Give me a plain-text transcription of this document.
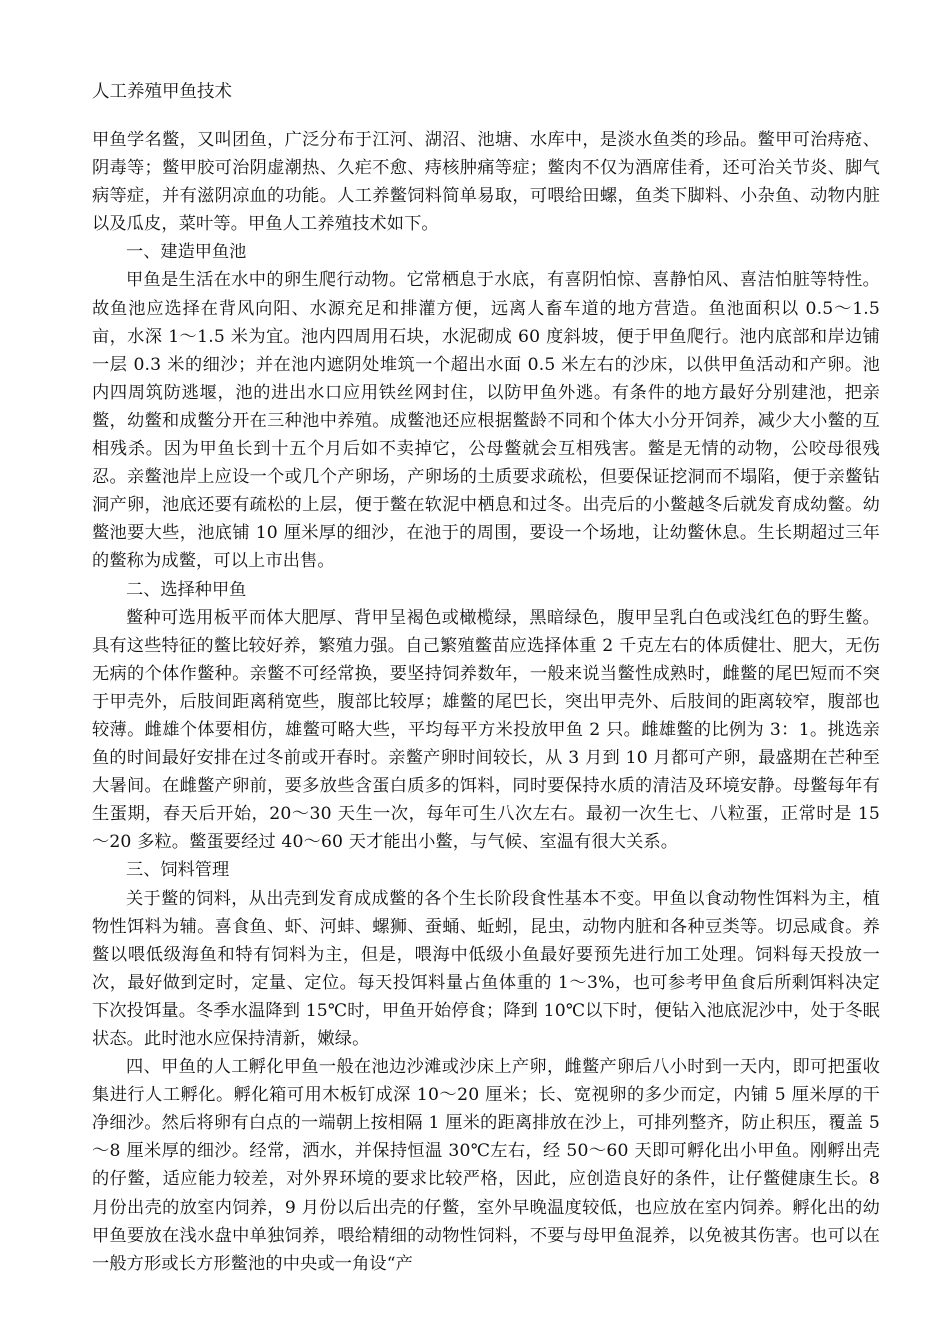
人工养殖甲鱼技术

甲鱼学名鳖，又叫团鱼，广泛分布于江河、湖沼、池塘、水库中，是淡水鱼类的珍品。鳖甲可治痔疮、阴毒等；鳖甲胶可治阴虚潮热、久疟不愈、痔核肿痛等症；鳖肉不仅为酒席佳肴，还可治关节炎、脚气病等症，并有滋阴凉血的功能。人工养鳖饲料简单易取，可喂给田螺，鱼类下脚料、小杂鱼、动物内脏以及瓜皮，菜叶等。甲鱼人工养殖技术如下。

一、建造甲鱼池

甲鱼是生活在水中的卵生爬行动物。它常栖息于水底，有喜阴怕惊、喜静怕风、喜洁怕脏等特性。故鱼池应选择在背风向阳、水源充足和排灌方便，远离人畜车道的地方营造。鱼池面积以 0.5～1.5 亩，水深 1～1.5 米为宜。池内四周用石块，水泥砌成 60 度斜坡，便于甲鱼爬行。池内底部和岸边铺一层 0.3 米的细沙；并在池内遮阴处堆筑一个超出水面 0.5 米左右的沙床，以供甲鱼活动和产卵。池内四周筑防逃堰，池的进出水口应用铁丝网封住，以防甲鱼外逃。有条件的地方最好分别建池，把亲鳖，幼鳖和成鳖分开在三种池中养殖。成鳖池还应根据鳖龄不同和个体大小分开饲养，减少大小鳖的互相残杀。因为甲鱼长到十五个月后如不卖掉它，公母鳖就会互相残害。鳖是无情的动物，公咬母很残忍。亲鳖池岸上应设一个或几个产卵场，产卵场的土质要求疏松，但要保证挖洞而不塌陷，便于亲鳖钻洞产卵，池底还要有疏松的上层，便于鳖在软泥中栖息和过冬。出壳后的小鳖越冬后就发育成幼鳖。幼鳖池要大些，池底铺 10 厘米厚的细沙，在池于的周围，要设一个场地，让幼鳖休息。生长期超过三年的鳖称为成鳖，可以上市出售。

二、选择种甲鱼

鳖种可选用板平而体大肥厚、背甲呈褐色或橄榄绿，黑暗绿色，腹甲呈乳白色或浅红色的野生鳖。具有这些特征的鳖比较好养，繁殖力强。自己繁殖鳖苗应选择体重 2 千克左右的体质健壮、肥大，无伤无病的个体作鳖种。亲鳖不可经常换，要坚持饲养数年，一般来说当鳖性成熟时，雌鳖的尾巴短而不突于甲壳外，后肢间距离稍宽些，腹部比较厚；雄鳖的尾巴长，突出甲壳外、后肢间的距离较窄，腹部也较薄。雌雄个体要相仿，雄鳖可略大些，平均每平方米投放甲鱼 2 只。雌雄鳖的比例为 3：1。挑选亲鱼的时间最好安排在过冬前或开春时。亲鳖产卵时间较长，从 3 月到 10 月都可产卵，最盛期在芒种至大暑间。在雌鳖产卵前，要多放些含蛋白质多的饵料，同时要保持水质的清洁及环境安静。母鳖每年有生蛋期，春天后开始，20～30 天生一次，每年可生八次左右。最初一次生七、八粒蛋，正常时是 15～20 多粒。鳖蛋要经过 40～60 天才能出小鳖，与气候、室温有很大关系。

三、饲料管理

关于鳖的饲料，从出壳到发育成成鳖的各个生长阶段食性基本不变。甲鱼以食动物性饵料为主，植物性饵料为辅。喜食鱼、虾、河蚌、螺狮、蚕蛹、蚯蚓，昆虫，动物内脏和各种豆类等。切忌咸食。养鳖以喂低级海鱼和特有饲料为主，但是，喂海中低级小鱼最好要预先进行加工处理。饲料每天投放一次，最好做到定时，定量、定位。每天投饵料量占鱼体重的 1～3%，也可参考甲鱼食后所剩饵料决定下次投饵量。冬季水温降到 15℃时，甲鱼开始停食；降到 10℃以下时，便钻入池底泥沙中，处于冬眠状态。此时池水应保持清新，嫩绿。

四、甲鱼的人工孵化甲鱼一般在池边沙滩或沙床上产卵，雌鳖产卵后八小时到一天内，即可把蛋收集进行人工孵化。孵化箱可用木板钉成深 10～20 厘米；长、宽视卵的多少而定，内铺 5 厘米厚的干净细沙。然后将卵有白点的一端朝上按相隔 1 厘米的距离排放在沙上，可排列整齐，防止积压，覆盖 5～8 厘米厚的细沙。经常，洒水，并保持恒温 30℃左右，经 50～60 天即可孵化出小甲鱼。刚孵出壳的仔鳖，适应能力较差，对外界环境的要求比较严格，因此，应创造良好的条件，让仔鳖健康生长。8 月份出壳的放室内饲养，9 月份以后出壳的仔鳖，室外早晚温度较低，也应放在室内饲养。孵化出的幼甲鱼要放在浅水盘中单独饲养，喂给精细的动物性饲料，不要与母甲鱼混养，以免被其伤害。也可以在一般方形或长方形鳖池的中央或一角设“产
